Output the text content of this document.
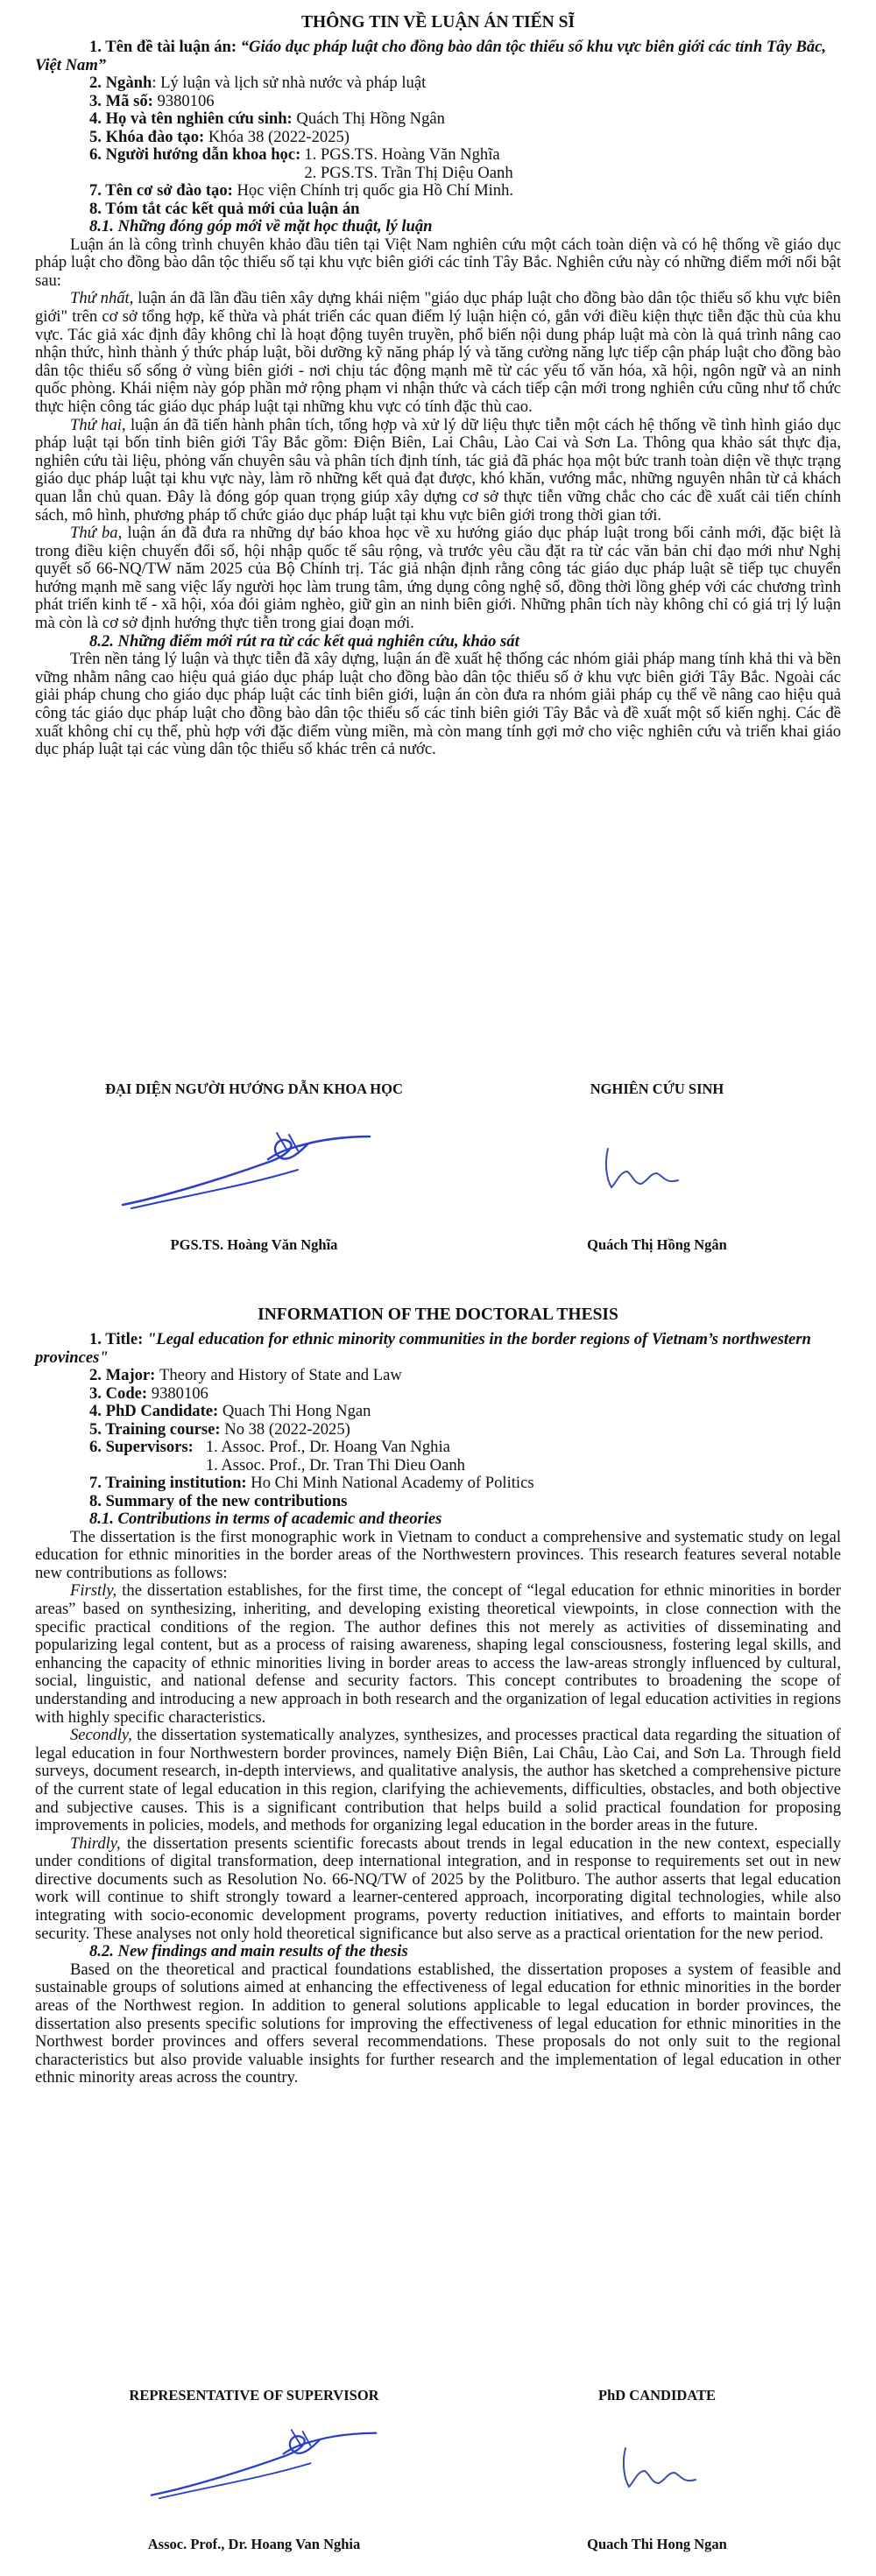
THÔNG TIN VỀ LUẬN ÁN TIẾN SĨ

1. Tên đề tài luận án: “Giáo dục pháp luật cho đồng bào dân tộc thiểu số khu vực biên giới các tỉnh Tây Bắc, Việt Nam”

2. Ngành: Lý luận và lịch sử nhà nước và pháp luật

3. Mã số: 9380106

4. Họ và tên nghiên cứu sinh: Quách Thị Hồng Ngân

5. Khóa đào tạo: Khóa 38 (2022-2025)

6. Người hướng dẫn khoa học: 1. PGS.TS. Hoàng Văn Nghĩa
2. PGS.TS. Trần Thị Diệu Oanh

7. Tên cơ sở đào tạo: Học viện Chính trị quốc gia Hồ Chí Minh.

8. Tóm tắt các kết quả mới của luận án

8.1. Những đóng góp mới về mặt học thuật, lý luận

Luận án là công trình chuyên khảo đầu tiên tại Việt Nam nghiên cứu một cách toàn diện và có hệ thống về giáo dục pháp luật cho đồng bào dân tộc thiểu số tại khu vực biên giới các tỉnh Tây Bắc. Nghiên cứu này có những điểm mới nổi bật sau:

Thứ nhất, luận án đã lần đầu tiên xây dựng khái niệm "giáo dục pháp luật cho đồng bào dân tộc thiểu số khu vực biên giới" trên cơ sở tổng hợp, kế thừa và phát triển các quan điểm lý luận hiện có, gắn với điều kiện thực tiễn đặc thù của khu vực. Tác giả xác định đây không chỉ là hoạt động tuyên truyền, phổ biến nội dung pháp luật mà còn là quá trình nâng cao nhận thức, hình thành ý thức pháp luật, bồi dưỡng kỹ năng pháp lý và tăng cường năng lực tiếp cận pháp luật cho đồng bào dân tộc thiểu số sống ở vùng biên giới - nơi chịu tác động mạnh mẽ từ các yếu tố văn hóa, xã hội, ngôn ngữ và an ninh quốc phòng. Khái niệm này góp phần mở rộng phạm vi nhận thức và cách tiếp cận mới trong nghiên cứu cũng như tổ chức thực hiện công tác giáo dục pháp luật tại những khu vực có tính đặc thù cao.

Thứ hai, luận án đã tiến hành phân tích, tổng hợp và xử lý dữ liệu thực tiễn một cách hệ thống về tình hình giáo dục pháp luật tại bốn tỉnh biên giới Tây Bắc gồm: Điện Biên, Lai Châu, Lào Cai và Sơn La. Thông qua khảo sát thực địa, nghiên cứu tài liệu, phỏng vấn chuyên sâu và phân tích định tính, tác giả đã phác họa một bức tranh toàn diện về thực trạng giáo dục pháp luật tại khu vực này, làm rõ những kết quả đạt được, khó khăn, vướng mắc, những nguyên nhân từ cả khách quan lẫn chủ quan. Đây là đóng góp quan trọng giúp xây dựng cơ sở thực tiễn vững chắc cho các đề xuất cải tiến chính sách, mô hình, phương pháp tổ chức giáo dục pháp luật tại khu vực biên giới trong thời gian tới.

Thứ ba, luận án đã đưa ra những dự báo khoa học về xu hướng giáo dục pháp luật trong bối cảnh mới, đặc biệt là trong điều kiện chuyển đổi số, hội nhập quốc tế sâu rộng, và trước yêu cầu đặt ra từ các văn bản chỉ đạo mới như Nghị quyết số 66-NQ/TW năm 2025 của Bộ Chính trị. Tác giả nhận định rằng công tác giáo dục pháp luật sẽ tiếp tục chuyển hướng mạnh mẽ sang việc lấy người học làm trung tâm, ứng dụng công nghệ số, đồng thời lồng ghép với các chương trình phát triển kinh tế - xã hội, xóa đói giảm nghèo, giữ gìn an ninh biên giới. Những phân tích này không chỉ có giá trị lý luận mà còn là cơ sở định hướng thực tiễn trong giai đoạn mới.

8.2. Những điểm mới rút ra từ các kết quả nghiên cứu, khảo sát

Trên nền tảng lý luận và thực tiễn đã xây dựng, luận án đề xuất hệ thống các nhóm giải pháp mang tính khả thi và bền vững nhằm nâng cao hiệu quả giáo dục pháp luật cho đồng bào dân tộc thiểu số ở khu vực biên giới Tây Bắc. Ngoài các giải pháp chung cho giáo dục pháp luật các tỉnh biên giới, luận án còn đưa ra nhóm giải pháp cụ thể về nâng cao hiệu quả công tác giáo dục pháp luật cho đồng bào dân tộc thiểu số các tỉnh biên giới Tây Bắc và đề xuất một số kiến nghị. Các đề xuất không chỉ cụ thể, phù hợp với đặc điểm vùng miền, mà còn mang tính gợi mở cho việc nghiên cứu và triển khai giáo dục pháp luật tại các vùng dân tộc thiểu số khác trên cả nước.

ĐẠI DIỆN NGƯỜI HƯỚNG DẪN KHOA HỌC	NGHIÊN CỨU SINH
PGS.TS. Hoàng Văn Nghĩa	Quách Thị Hồng Ngân
INFORMATION OF THE DOCTORAL THESIS

1. Title: "Legal education for ethnic minority communities in the border regions of Vietnam’s northwestern provinces"

2. Major: Theory and History of State and Law

3. Code: 9380106

4. PhD Candidate: Quach Thi Hong Ngan

5. Training course: No 38 (2022-2025)

6. Supervisors: 1. Assoc. Prof., Dr. Hoang Van Nghia
1. Assoc. Prof., Dr. Tran Thi Dieu Oanh

7. Training institution: Ho Chi Minh National Academy of Politics

8. Summary of the new contributions

8.1. Contributions in terms of academic and theories

The dissertation is the first monographic work in Vietnam to conduct a comprehensive and systematic study on legal education for ethnic minorities in the border areas of the Northwestern provinces. This research features several notable new contributions as follows:

Firstly, the dissertation establishes, for the first time, the concept of “legal education for ethnic minorities in border areas” based on synthesizing, inheriting, and developing existing theoretical viewpoints, in close connection with the specific practical conditions of the region. The author defines this not merely as activities of disseminating and popularizing legal content, but as a process of raising awareness, shaping legal consciousness, fostering legal skills, and enhancing the capacity of ethnic minorities living in border areas to access the law-areas strongly influenced by cultural, social, linguistic, and national defense and security factors. This concept contributes to broadening the scope of understanding and introducing a new approach in both research and the organization of legal education activities in regions with highly specific characteristics.

Secondly, the dissertation systematically analyzes, synthesizes, and processes practical data regarding the situation of legal education in four Northwestern border provinces, namely Điện Biên, Lai Châu, Lào Cai, and Sơn La. Through field surveys, document research, in-depth interviews, and qualitative analysis, the author has sketched a comprehensive picture of the current state of legal education in this region, clarifying the achievements, difficulties, obstacles, and both objective and subjective causes. This is a significant contribution that helps build a solid practical foundation for proposing improvements in policies, models, and methods for organizing legal education in the border areas in the future.

Thirdly, the dissertation presents scientific forecasts about trends in legal education in the new context, especially under conditions of digital transformation, deep international integration, and in response to requirements set out in new directive documents such as Resolution No. 66-NQ/TW of 2025 by the Politburo. The author asserts that legal education work will continue to shift strongly toward a learner-centered approach, incorporating digital technologies, while also integrating with socio-economic development programs, poverty reduction initiatives, and efforts to maintain border security. These analyses not only hold theoretical significance but also serve as a practical orientation for the new period.

8.2. New findings and main results of the thesis

Based on the theoretical and practical foundations established, the dissertation proposes a system of feasible and sustainable groups of solutions aimed at enhancing the effectiveness of legal education for ethnic minorities in the border areas of the Northwest region. In addition to general solutions applicable to legal education in border provinces, the dissertation also presents specific solutions for improving the effectiveness of legal education for ethnic minorities in the Northwest border provinces and offers several recommendations. These proposals do not only suit to the regional characteristics but also provide valuable insights for further research and the implementation of legal education in other ethnic minority areas across the country.

REPRESENTATIVE OF SUPERVISOR	PhD CANDIDATE
Assoc. Prof., Dr. Hoang Van Nghia	Quach Thi Hong Ngan
